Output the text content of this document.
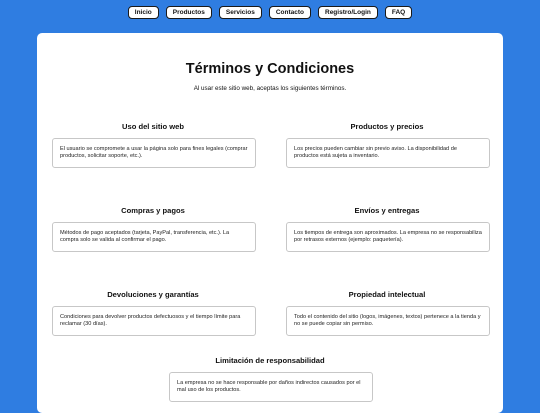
Inicio	Productos	Servicios	Contacto	Registro/Login	FAQ
Términos y Condiciones

Al usar este sitio web, aceptas los siguientes términos.

Uso del sitio web
El usuario se compromete a usar la página solo para fines legales (comprar productos, solicitar soporte, etc.).
Productos y precios
Los precios pueden cambiar sin previo aviso. La disponibilidad de productos está sujeta a inventario.
Compras y pagos
Métodos de pago aceptados (tarjeta, PayPal, transferencia, etc.). La compra solo se valida al confirmar el pago.
Envíos y entregas
Los tiempos de entrega son aproximados. La empresa no se responsabiliza por retrasos externos (ejemplo: paquetería).
Devoluciones y garantías
Condiciones para devolver productos defectuosos y el tiempo límite para reclamar (30 días).
Propiedad intelectual
Todo el contenido del sitio (logos, imágenes, textos) pertenece a la tienda y no se puede copiar sin permiso.
Limitación de responsabilidad
La empresa no se hace responsable por daños indirectos causados por el mal uso de los productos.
